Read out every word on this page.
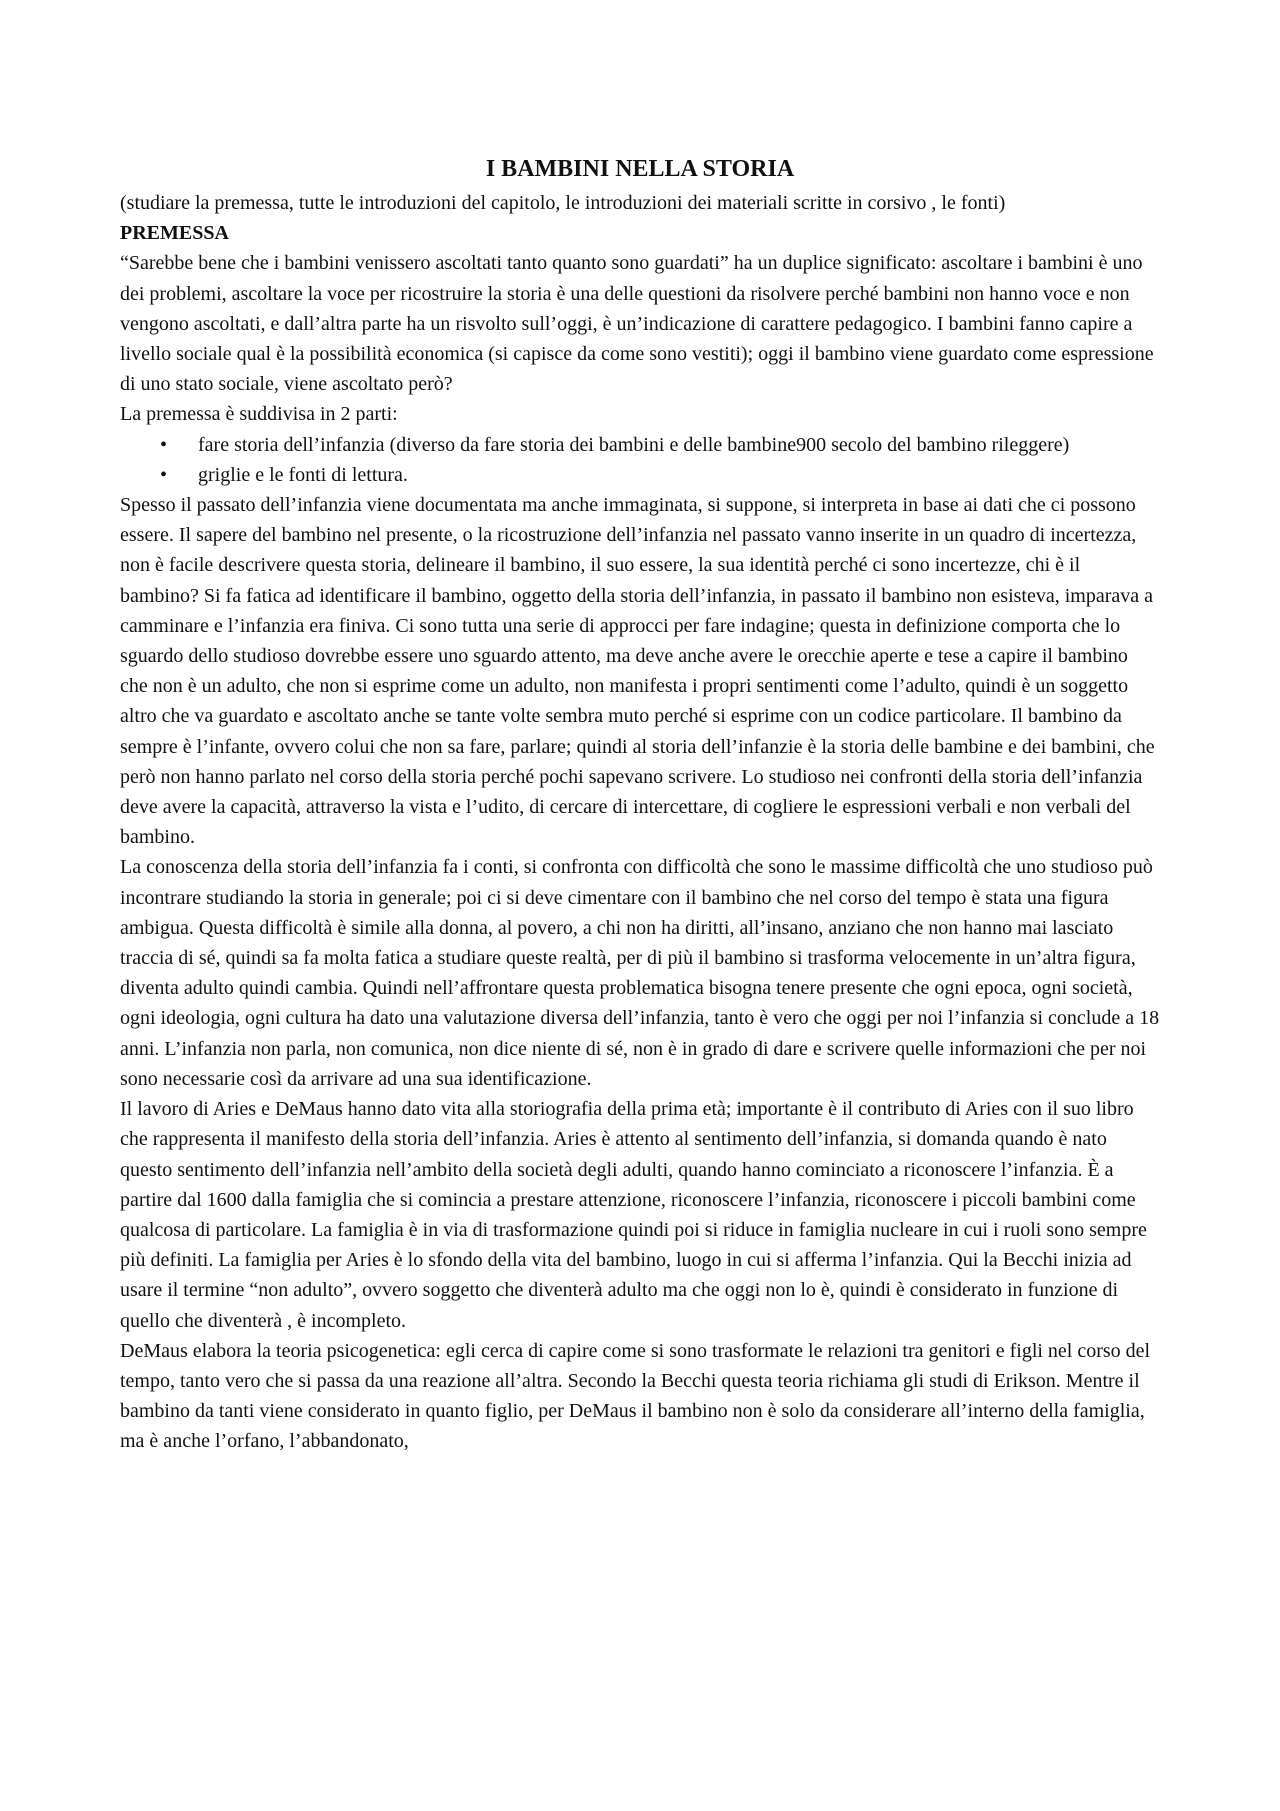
I BAMBINI NELLA STORIA

(studiare la premessa, tutte le introduzioni del capitolo, le introduzioni dei materiali scritte in corsivo , le fonti)

PREMESSA

“Sarebbe bene che i bambini venissero ascoltati tanto quanto sono guardati” ha un duplice significato: ascoltare i bambini è uno dei problemi, ascoltare la voce per ricostruire la storia è una delle questioni da risolvere perché bambini non hanno voce e non vengono ascoltati, e dall’altra parte ha un risvolto sull’oggi, è un’indicazione di carattere pedagogico. I bambini fanno capire a livello sociale qual è la possibilità economica (si capisce da come sono vestiti); oggi il bambino viene guardato come espressione di uno stato sociale, viene ascoltato però?

La premessa è suddivisa in 2 parti:

• fare storia dell’infanzia (diverso da fare storia dei bambini e delle bambine900 secolo del bambino rileggere)
• griglie e le fonti di lettura.

Spesso il passato dell’infanzia viene documentata ma anche immaginata, si suppone, si interpreta in base ai dati che ci possono essere. Il sapere del bambino nel presente, o la ricostruzione dell’infanzia nel passato vanno inserite in un quadro di incertezza, non è facile descrivere questa storia, delineare il bambino, il suo essere, la sua identità perché ci sono incertezze, chi è il bambino? Si fa fatica ad identificare il bambino, oggetto della storia dell’infanzia, in passato il bambino non esisteva, imparava a camminare e l’infanzia era finiva. Ci sono tutta una serie di approcci per fare indagine; questa in definizione comporta che lo sguardo dello studioso dovrebbe essere uno sguardo attento, ma deve anche avere le orecchie aperte e tese a capire il bambino che non è un adulto, che non si esprime come un adulto, non manifesta i propri sentimenti come l’adulto, quindi è un soggetto altro che va guardato e ascoltato anche se tante volte sembra muto perché si esprime con un codice particolare. Il bambino da sempre è l’infante, ovvero colui che non sa fare, parlare; quindi al storia dell’infanzie è la storia delle bambine e dei bambini, che però non hanno parlato nel corso della storia perché pochi sapevano scrivere. Lo studioso nei confronti della storia dell’infanzia deve avere la capacità, attraverso la vista e l’udito, di cercare di intercettare, di cogliere le espressioni verbali e non verbali del bambino.

La conoscenza della storia dell’infanzia fa i conti, si confronta con difficoltà che sono le massime difficoltà che uno studioso può incontrare studiando la storia in generale; poi ci si deve cimentare con il bambino che nel corso del tempo è stata una figura ambigua. Questa difficoltà è simile alla donna, al povero, a chi non ha diritti, all’insano, anziano che non hanno mai lasciato traccia di sé, quindi sa fa molta fatica a studiare queste realtà, per di più il bambino si trasforma velocemente in un’altra figura, diventa adulto quindi cambia. Quindi nell’affrontare questa problematica bisogna tenere presente che ogni epoca, ogni società, ogni ideologia, ogni cultura ha dato una valutazione diversa dell’infanzia, tanto è vero che oggi per noi l’infanzia si conclude a 18 anni. L’infanzia non parla, non comunica, non dice niente di sé, non è in grado di dare e scrivere quelle informazioni che per noi sono necessarie così da arrivare ad una sua identificazione.

Il lavoro di Aries e DeMaus hanno dato vita alla storiografia della prima età; importante è il contributo di Aries con il suo libro che rappresenta il manifesto della storia dell’infanzia. Aries è attento al sentimento dell’infanzia, si domanda quando è nato questo sentimento dell’infanzia nell’ambito della società degli adulti, quando hanno cominciato a riconoscere l’infanzia. È a partire dal 1600 dalla famiglia che si comincia a prestare attenzione, riconoscere l’infanzia, riconoscere i piccoli bambini come qualcosa di particolare. La famiglia è in via di trasformazione quindi poi si riduce in famiglia nucleare in cui i ruoli sono sempre più definiti. La famiglia per Aries è lo sfondo della vita del bambino, luogo in cui si afferma l’infanzia. Qui la Becchi inizia ad usare il termine “non adulto”, ovvero soggetto che diventerà adulto ma che oggi non lo è, quindi è considerato in funzione di quello che diventerà , è incompleto.

DeMaus elabora la teoria psicogenetica: egli cerca di capire come si sono trasformate le relazioni tra genitori e figli nel corso del tempo, tanto vero che si passa da una reazione all’altra. Secondo la Becchi questa teoria richiama gli studi di Erikson. Mentre il bambino da tanti viene considerato in quanto figlio, per DeMaus il bambino non è solo da considerare all’interno della famiglia, ma è anche l’orfano, l’abbandonato,
